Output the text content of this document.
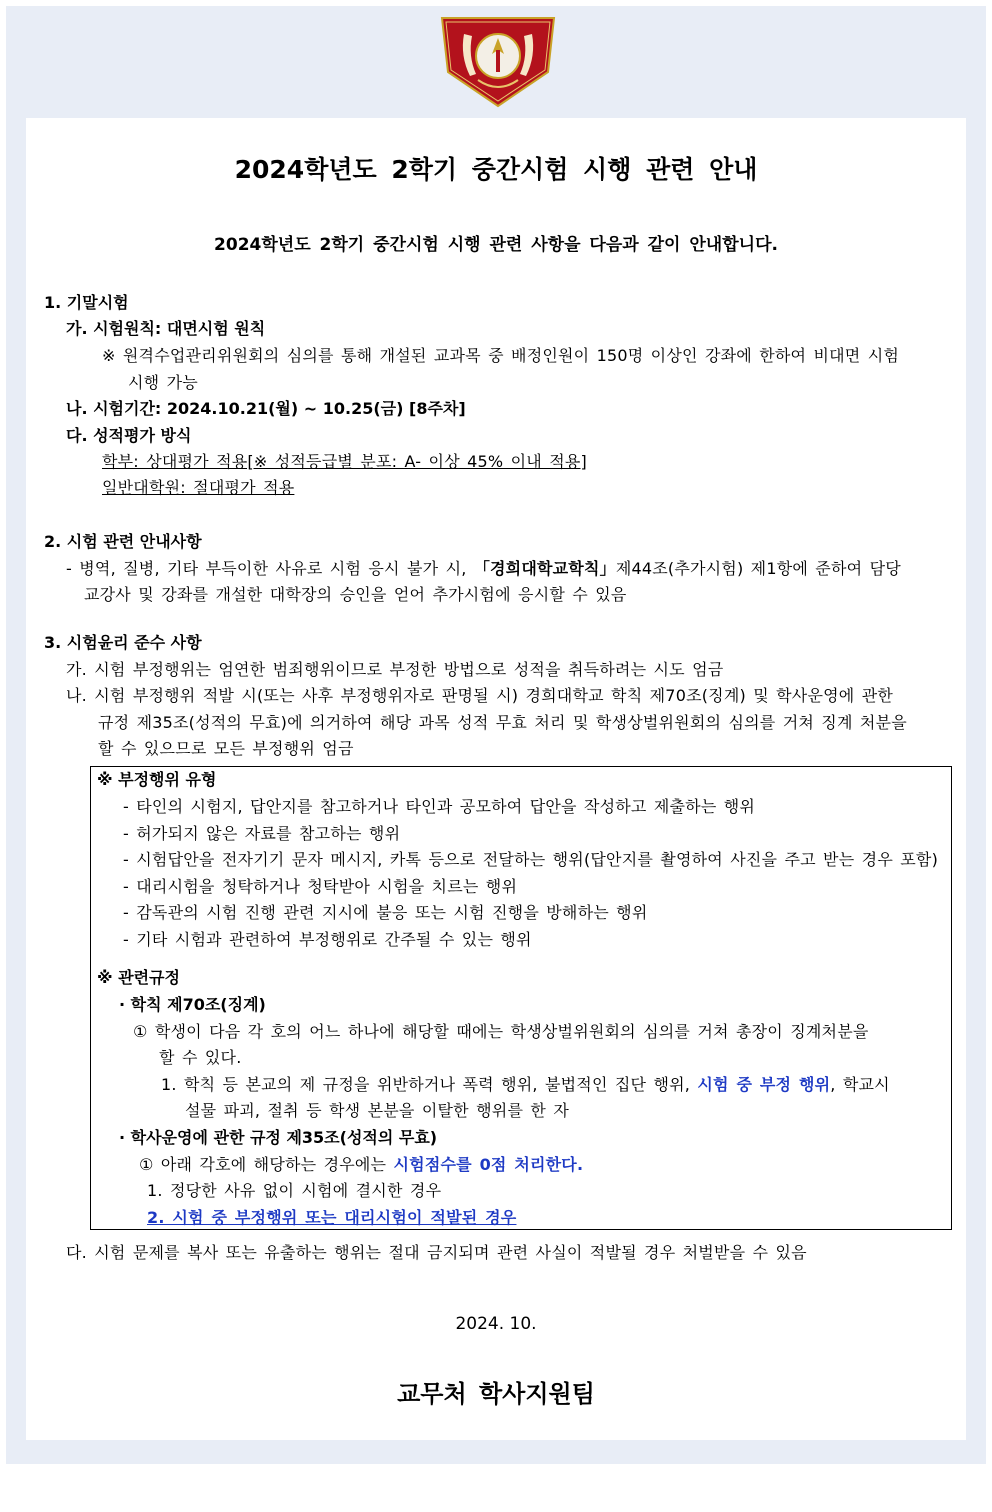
2024학년도 2학기 중간시험 시행 관련 안내
2024학년도 2학기 중간시험 시행 관련 사항을 다음과 같이 안내합니다.
1. 기말시험
가. 시험원칙: 대면시험 원칙
※ 원격수업관리위원회의 심의를 통해 개설된 교과목 중 배정인원이 150명 이상인 강좌에 한하여 비대면 시험
시행 가능
나. 시험기간: 2024.10.21(월) ~ 10.25(금) [8주차]
다. 성적평가 방식
학부: 상대평가 적용[※ 성적등급별 분포: A- 이상 45% 이내 적용]
일반대학원: 절대평가 적용
2. 시험 관련 안내사항
- 병역, 질병, 기타 부득이한 사유로 시험 응시 불가 시, 「경희대학교학칙」제44조(추가시험) 제1항에 준하여 담당
교강사 및 강좌를 개설한 대학장의 승인을 얻어 추가시험에 응시할 수 있음
3. 시험윤리 준수 사항
가. 시험 부정행위는 엄연한 범죄행위이므로 부정한 방법으로 성적을 취득하려는 시도 엄금
나. 시험 부정행위 적발 시(또는 사후 부정행위자로 판명될 시) 경희대학교 학칙 제70조(징계) 및 학사운영에 관한
규정 제35조(성적의 무효)에 의거하여 해당 과목 성적 무효 처리 및 학생상벌위원회의 심의를 거쳐 징계 처분을
할 수 있으므로 모든 부정행위 엄금
※ 부정행위 유형
- 타인의 시험지, 답안지를 참고하거나 타인과 공모하여 답안을 작성하고 제출하는 행위
- 허가되지 않은 자료를 참고하는 행위
- 시험답안을 전자기기 문자 메시지, 카톡 등으로 전달하는 행위(답안지를 촬영하여 사진을 주고 받는 경우 포함)
- 대리시험을 청탁하거나 청탁받아 시험을 치르는 행위
- 감독관의 시험 진행 관련 지시에 불응 또는 시험 진행을 방해하는 행위
- 기타 시험과 관련하여 부정행위로 간주될 수 있는 행위
※ 관련규정
· 학칙 제70조(징계)
① 학생이 다음 각 호의 어느 하나에 해당할 때에는 학생상벌위원회의 심의를 거쳐 총장이 징계처분을
할 수 있다.
1. 학칙 등 본교의 제 규정을 위반하거나 폭력 행위, 불법적인 집단 행위, 시험 중 부정 행위, 학교시
설물 파괴, 절취 등 학생 본분을 이탈한 행위를 한 자
· 학사운영에 관한 규정 제35조(성적의 무효)
① 아래 각호에 해당하는 경우에는 시험점수를 0점 처리한다.
1. 정당한 사유 없이 시험에 결시한 경우
2. 시험 중 부정행위 또는 대리시험이 적발된 경우
다. 시험 문제를 복사 또는 유출하는 행위는 절대 금지되며 관련 사실이 적발될 경우 처벌받을 수 있음
2024. 10.
교무처 학사지원팀
